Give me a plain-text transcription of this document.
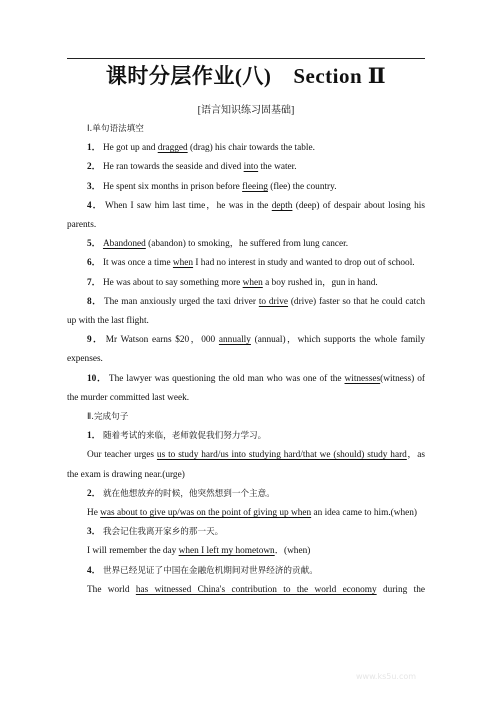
课时分层作业(八) Section Ⅱ
[语言知识练习固基础]
Ⅰ.单句语法填空
1． He got up and dragged (drag) his chair towards the table.
2． He ran towards the seaside and dived into the water.
3． He spent six months in prison before fleeing (flee) the country.
4． When I saw him last time，he was in the depth (deep) of despair about losing his parents.
5． Abandoned (abandon) to smoking，he suffered from lung cancer.
6． It was once a time when I had no interest in study and wanted to drop out of school.
7． He was about to say something more when a boy rushed in，gun in hand.
8． The man anxiously urged the taxi driver to drive (drive) faster so that he could catch up with the last flight.
9． Mr Watson earns $20，000 annually (annual)，which supports the whole family expenses.
10． The lawyer was questioning the old man who was one of the witnesses(witness) of the murder committed last week.
Ⅱ.完成句子
1． 随着考试的来临，老师敦促我们努力学习。
Our teacher urges us to study hard/us into studying hard/that we (should) study hard，as the exam is drawing near.(urge)
2． 就在他想放弃的时候，他突然想到一个主意。
He was about to give up/was on the point of giving up when an idea came to him.(when)
3． 我会记住我离开家乡的那一天。
I will remember the day when I left my hometown．(when)
4． 世界已经见证了中国在金融危机期间对世界经济的贡献。
The world has witnessed China's contribution to the world economy during the
www.ks5u.com
